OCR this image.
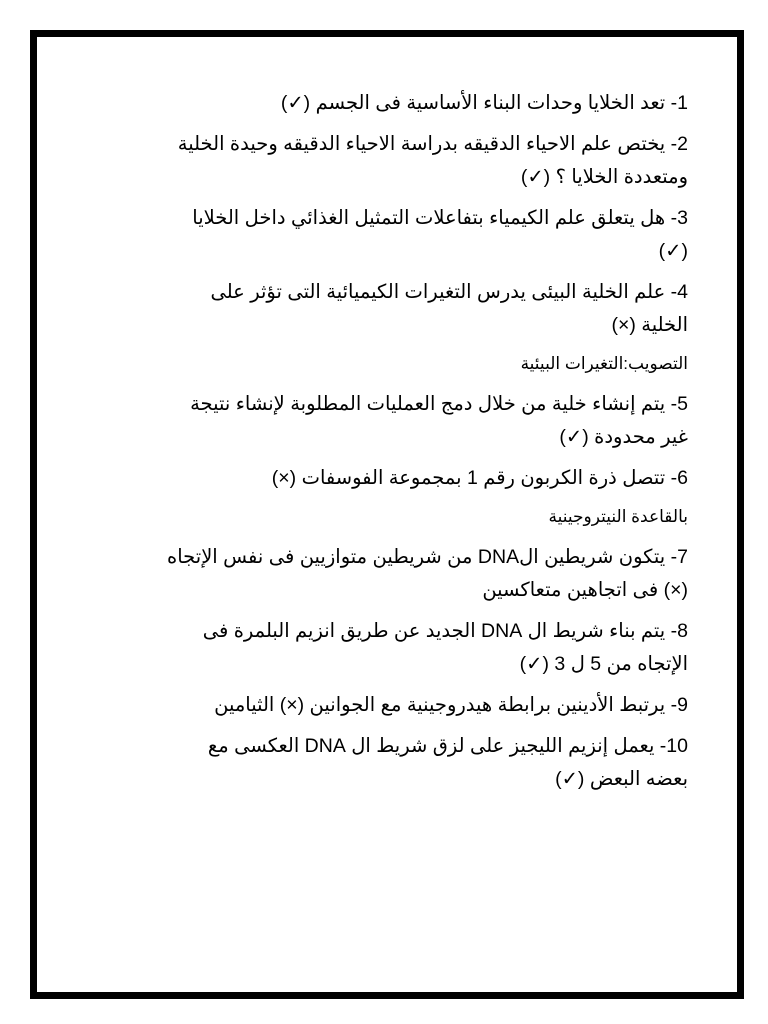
1- تعد الخلايا وحدات البناء الأساسية فى الجسم (✓)
2- يختص علم الاحياء الدقيقه بدراسة الاحياء الدقيقه وحيدة الخلية
ومتعددة الخلايا ؟ (✓)
3- هل يتعلق علم الكيمياء بتفاعلات التمثيل الغذائي داخل الخلايا
(✓)
4- علم الخلية البيئى يدرس التغيرات الكيميائية التى تؤثر على
الخلية (×)
التصويب:التغيرات البيئية
5- يتم إنشاء خلية من خلال دمج العمليات المطلوبة لإنشاء نتيجة
غير محدودة (✓)
6- تتصل ذرة الكربون رقم 1 بمجموعة الفوسفات (×)
بالقاعدة النيتروجينية
7- يتكون شريطين الDNA من شريطين متوازيين فى نفس الإتجاه
(×) فى اتجاهين متعاكسين
8- يتم بناء شريط ال DNA الجديد عن طريق انزيم البلمرة فى
الإتجاه من 5 ل 3 (✓)
9- يرتبط الأدينين برابطة هيدروجينية مع الجوانين (×) الثيامين
10- يعمل إنزيم الليجيز على لزق شريط ال DNA العكسى مع
بعضه البعض (✓)
